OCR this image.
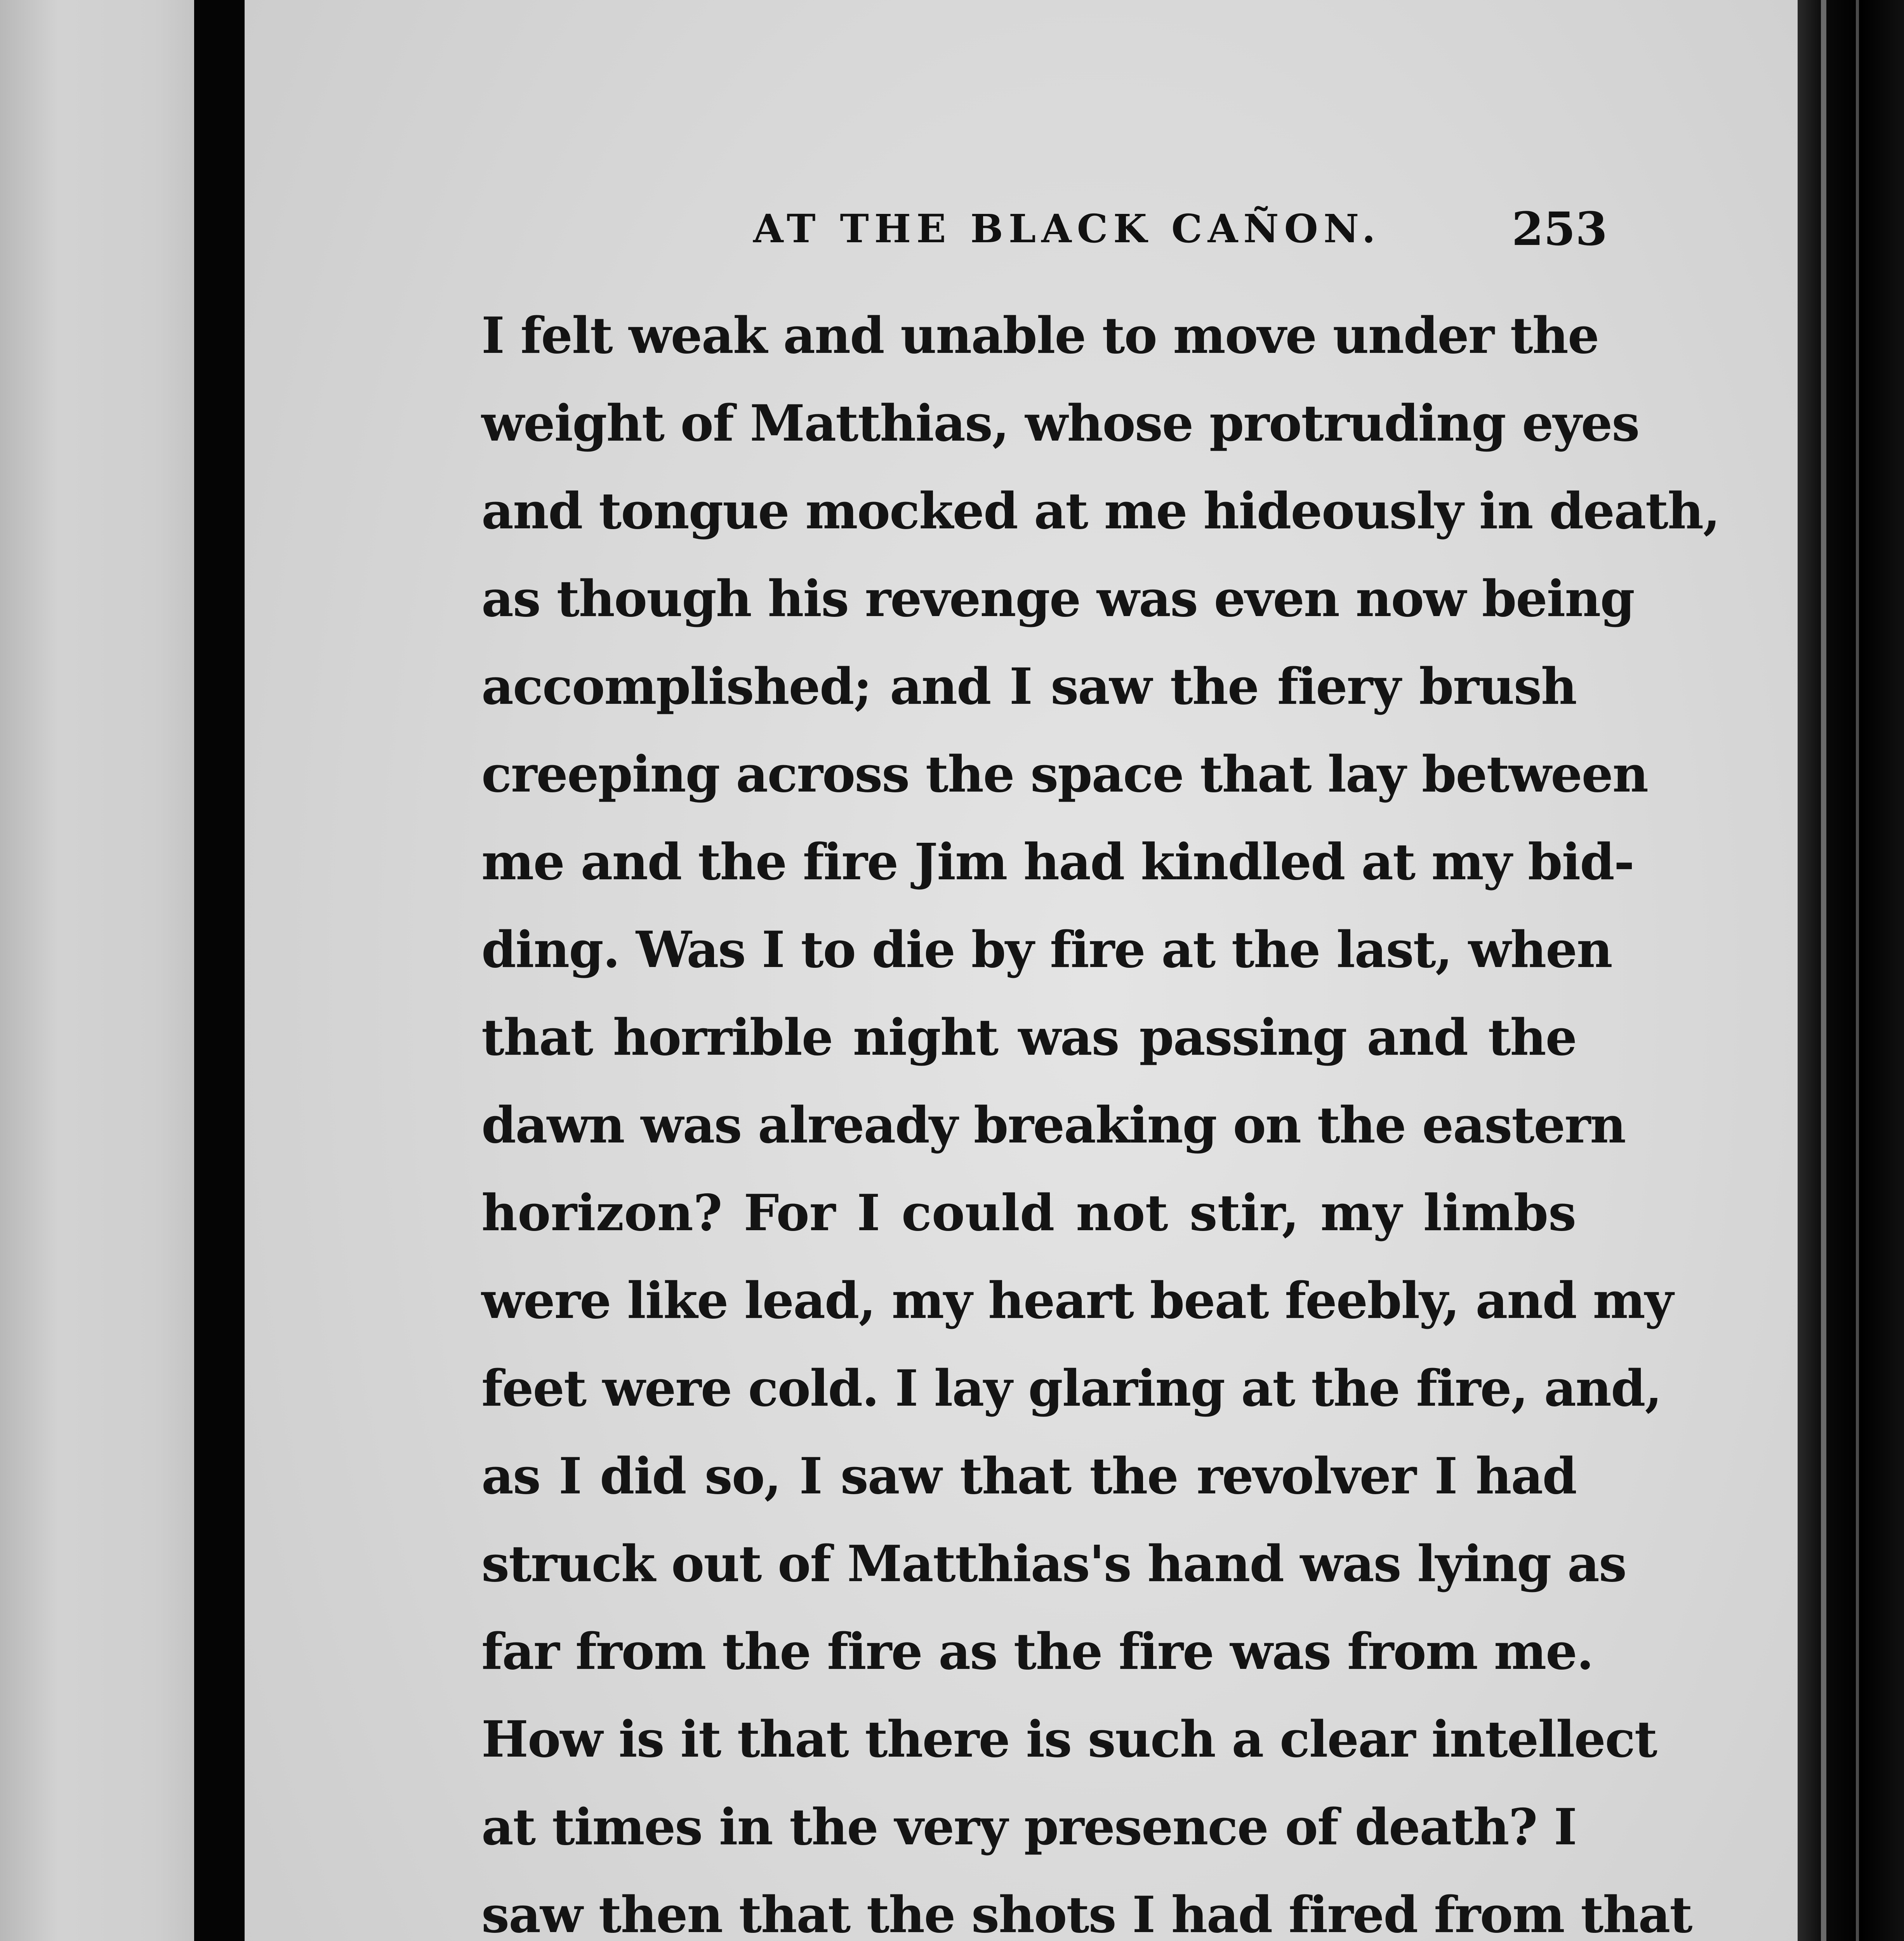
AT THE BLACK CAÑON.	253
I felt weak and unable to move under the
weight of Matthias, whose protruding eyes
and tongue mocked at me hideously in death,
as though his revenge was even now being
accomplished; and I saw the fiery brush
creeping across the space that lay between
me and the fire Jim had kindled at my bid-
ding. Was I to die by fire at the last, when
that horrible night was passing and the
dawn was already breaking on the eastern
horizon? For I could not stir, my limbs
were like lead, my heart beat feebly, and my
feet were cold. I lay glaring at the fire, and,
as I did so, I saw that the revolver I had
struck out of Matthias's hand was lying as
far from the fire as the fire was from me.
How is it that there is such a clear intellect
at times in the very presence of death? I
saw then that the shots I had fired from that
